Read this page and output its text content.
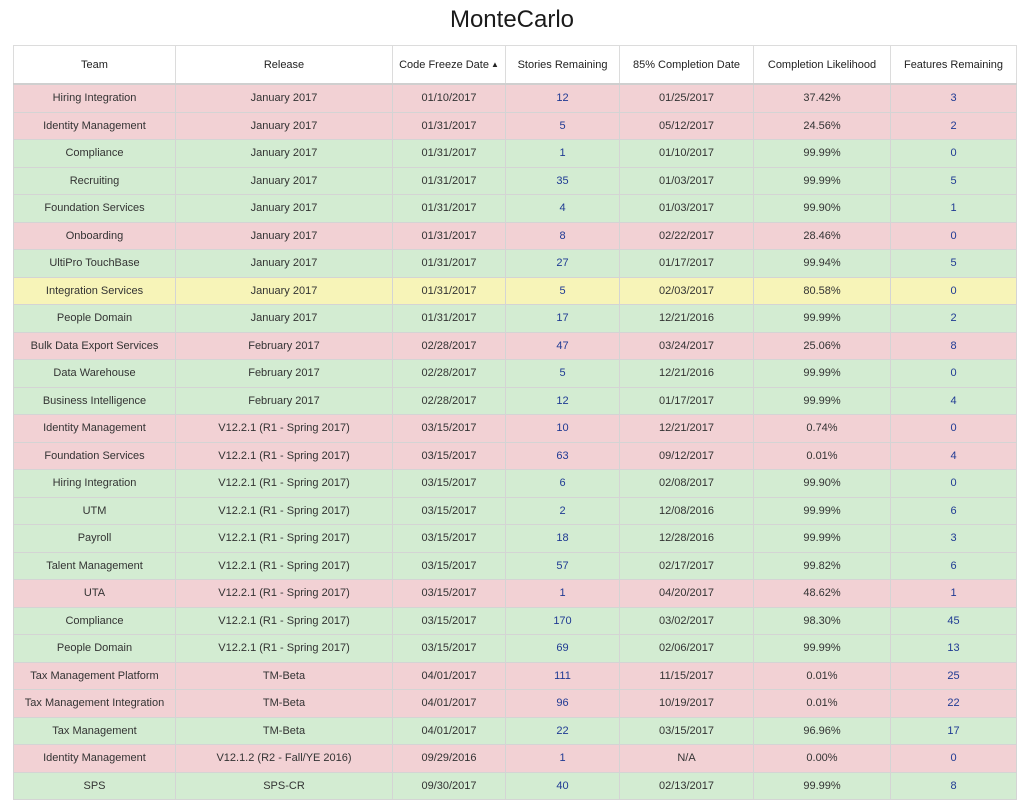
MonteCarlo
Team	Release	Code Freeze Date ▲	Stories Remaining	85% Completion Date	Completion Likelihood	Features Remaining
Hiring Integration	January 2017	01/10/2017	12	01/25/2017	37.42%	3
Identity Management	January 2017	01/31/2017	5	05/12/2017	24.56%	2
Compliance	January 2017	01/31/2017	1	01/10/2017	99.99%	0
Recruiting	January 2017	01/31/2017	35	01/03/2017	99.99%	5
Foundation Services	January 2017	01/31/2017	4	01/03/2017	99.90%	1
Onboarding	January 2017	01/31/2017	8	02/22/2017	28.46%	0
UltiPro TouchBase	January 2017	01/31/2017	27	01/17/2017	99.94%	5
Integration Services	January 2017	01/31/2017	5	02/03/2017	80.58%	0
People Domain	January 2017	01/31/2017	17	12/21/2016	99.99%	2
Bulk Data Export Services	February 2017	02/28/2017	47	03/24/2017	25.06%	8
Data Warehouse	February 2017	02/28/2017	5	12/21/2016	99.99%	0
Business Intelligence	February 2017	02/28/2017	12	01/17/2017	99.99%	4
Identity Management	V12.2.1 (R1 - Spring 2017)	03/15/2017	10	12/21/2017	0.74%	0
Foundation Services	V12.2.1 (R1 - Spring 2017)	03/15/2017	63	09/12/2017	0.01%	4
Hiring Integration	V12.2.1 (R1 - Spring 2017)	03/15/2017	6	02/08/2017	99.90%	0
UTM	V12.2.1 (R1 - Spring 2017)	03/15/2017	2	12/08/2016	99.99%	6
Payroll	V12.2.1 (R1 - Spring 2017)	03/15/2017	18	12/28/2016	99.99%	3
Talent Management	V12.2.1 (R1 - Spring 2017)	03/15/2017	57	02/17/2017	99.82%	6
UTA	V12.2.1 (R1 - Spring 2017)	03/15/2017	1	04/20/2017	48.62%	1
Compliance	V12.2.1 (R1 - Spring 2017)	03/15/2017	170	03/02/2017	98.30%	45
People Domain	V12.2.1 (R1 - Spring 2017)	03/15/2017	69	02/06/2017	99.99%	13
Tax Management Platform	TM-Beta	04/01/2017	111	11/15/2017	0.01%	25
Tax Management Integration	TM-Beta	04/01/2017	96	10/19/2017	0.01%	22
Tax Management	TM-Beta	04/01/2017	22	03/15/2017	96.96%	17
Identity Management	V12.1.2 (R2 - Fall/YE 2016)	09/29/2016	1	N/A	0.00%	0
SPS	SPS-CR	09/30/2017	40	02/13/2017	99.99%	8
